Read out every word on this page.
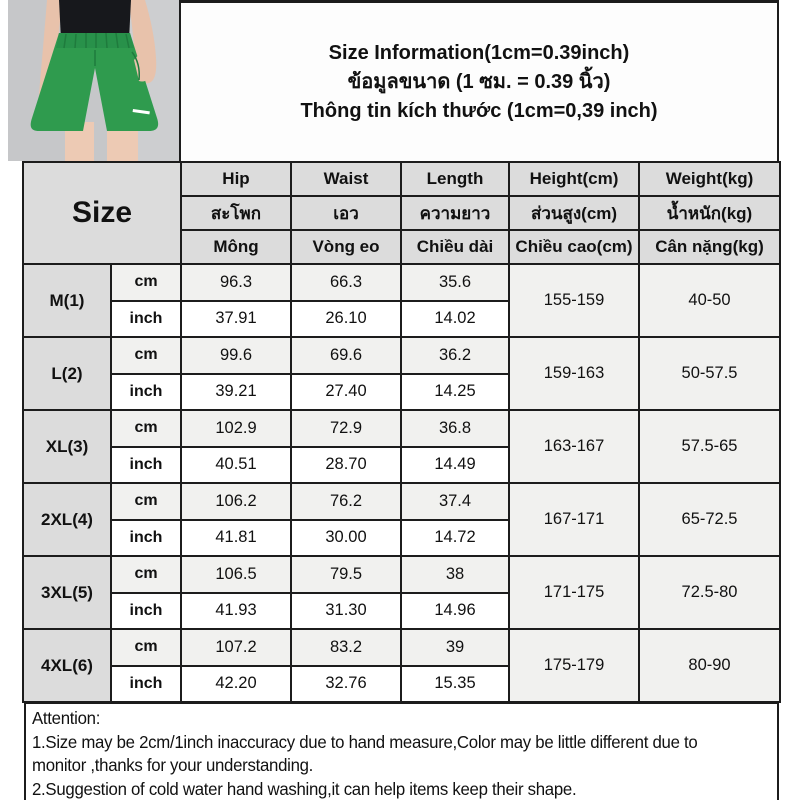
Size Information(1cm=0.39inch)
ข้อมูลขนาด (1 ซม. = 0.39 นิ้ว)
Thông tin kích thước (1cm=0,39 inch)
Size		Hip	Waist	Length	Height(cm)	Weight(kg)
		สะโพก	เอว	ความยาว	ส่วนสูง(cm)	น้ำหนัก(kg)
		Mông	Vòng eo	Chiều dài	Chiều cao(cm)	Cân nặng(kg)
M(1)	cm	96.3	66.3	35.6	155-159	40-50
	inch	37.91	26.10	14.02		
L(2)	cm	99.6	69.6	36.2	159-163	50-57.5
	inch	39.21	27.40	14.25		
XL(3)	cm	102.9	72.9	36.8	163-167	57.5-65
	inch	40.51	28.70	14.49		
2XL(4)	cm	106.2	76.2	37.4	167-171	65-72.5
	inch	41.81	30.00	14.72		
3XL(5)	cm	106.5	79.5	38	171-175	72.5-80
	inch	41.93	31.30	14.96		
4XL(6)	cm	107.2	83.2	39	175-179	80-90
	inch	42.20	32.76	15.35		
Attention:
1.Size may be 2cm/1inch inaccuracy due to hand measure,Color may be little different due to
monitor ,thanks for your understanding.
2.Suggestion of cold water hand washing,it can help items keep their shape.
